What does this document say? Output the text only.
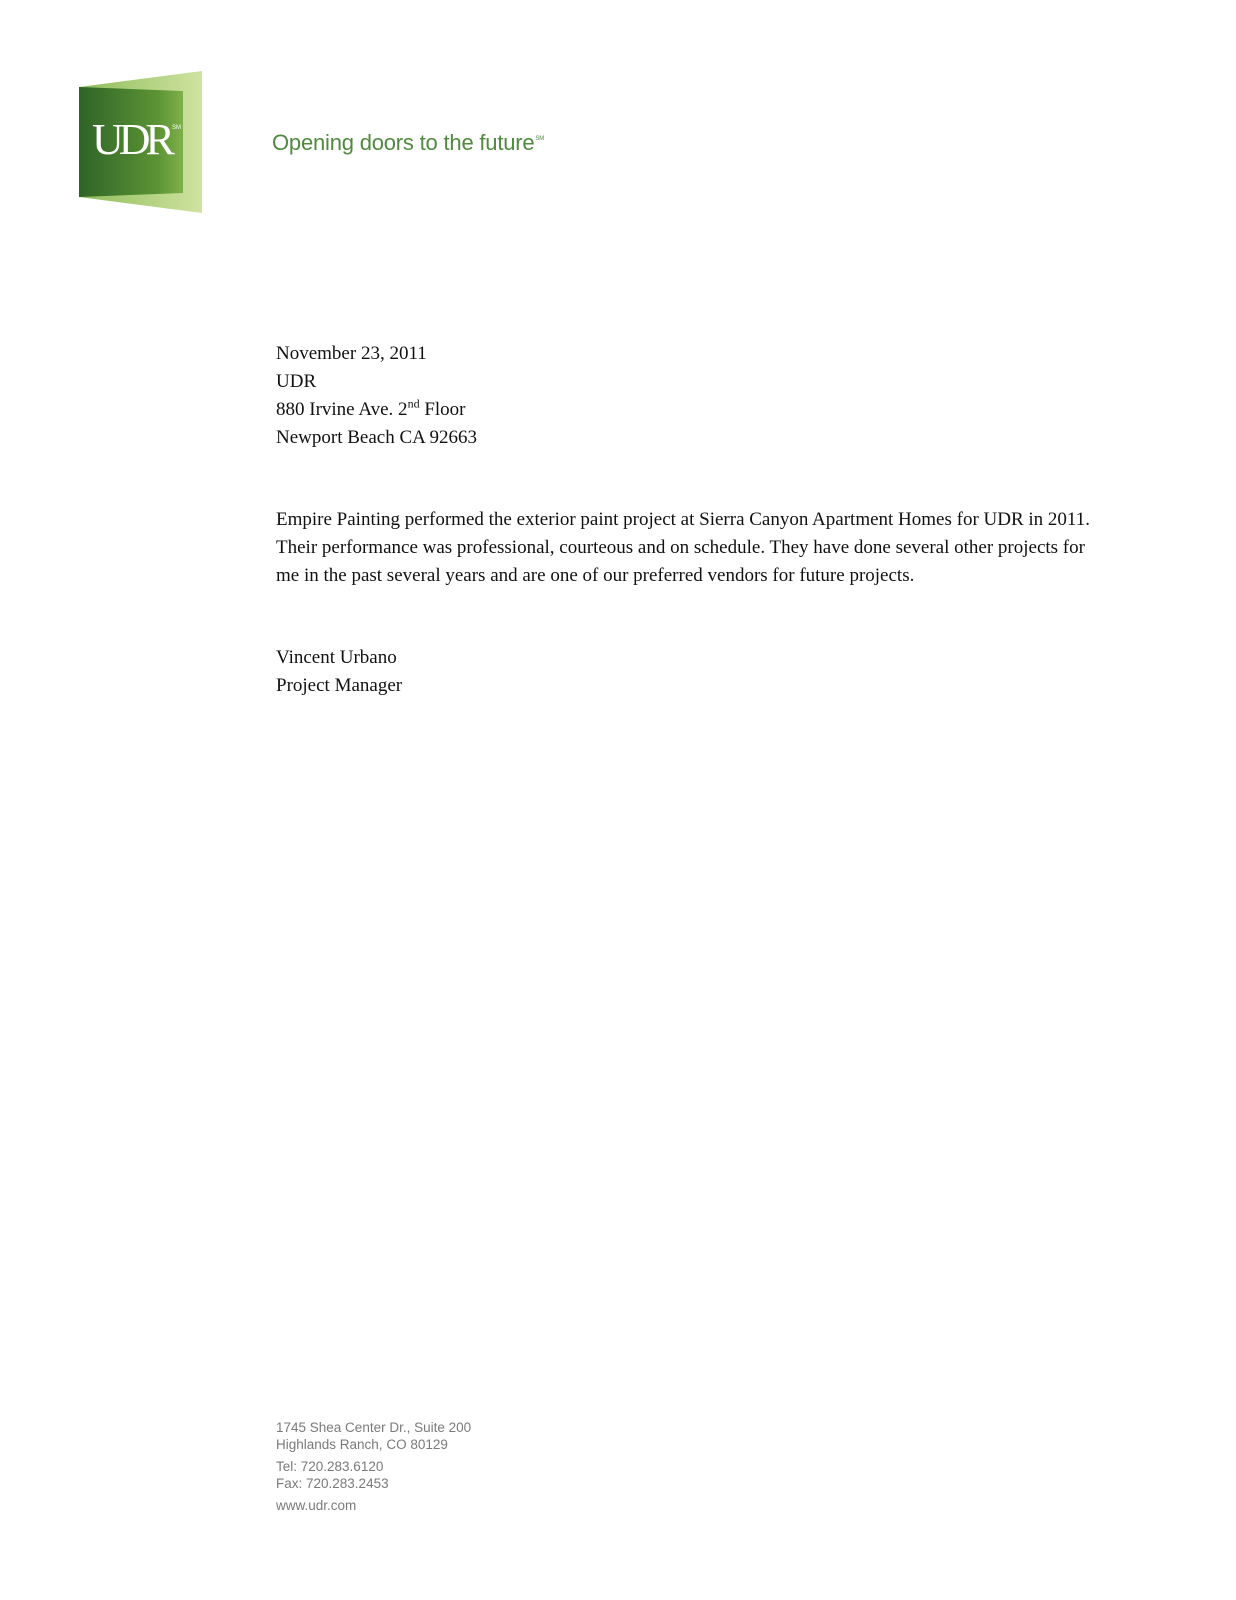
UDR SM
Opening doors to the future℠
November 23, 2011
UDR
880 Irvine Ave. 2nd Floor
Newport Beach CA 92663

Empire Painting performed the exterior paint project at Sierra Canyon Apartment Homes for UDR in 2011. Their performance was professional, courteous and on schedule. They have done several other projects for me in the past several years and are one of our preferred vendors for future projects.

Vincent Urbano
Project Manager
1745 Shea Center Dr., Suite 200
Highlands Ranch, CO 80129
Tel: 720.283.6120
Fax: 720.283.2453
www.udr.com
